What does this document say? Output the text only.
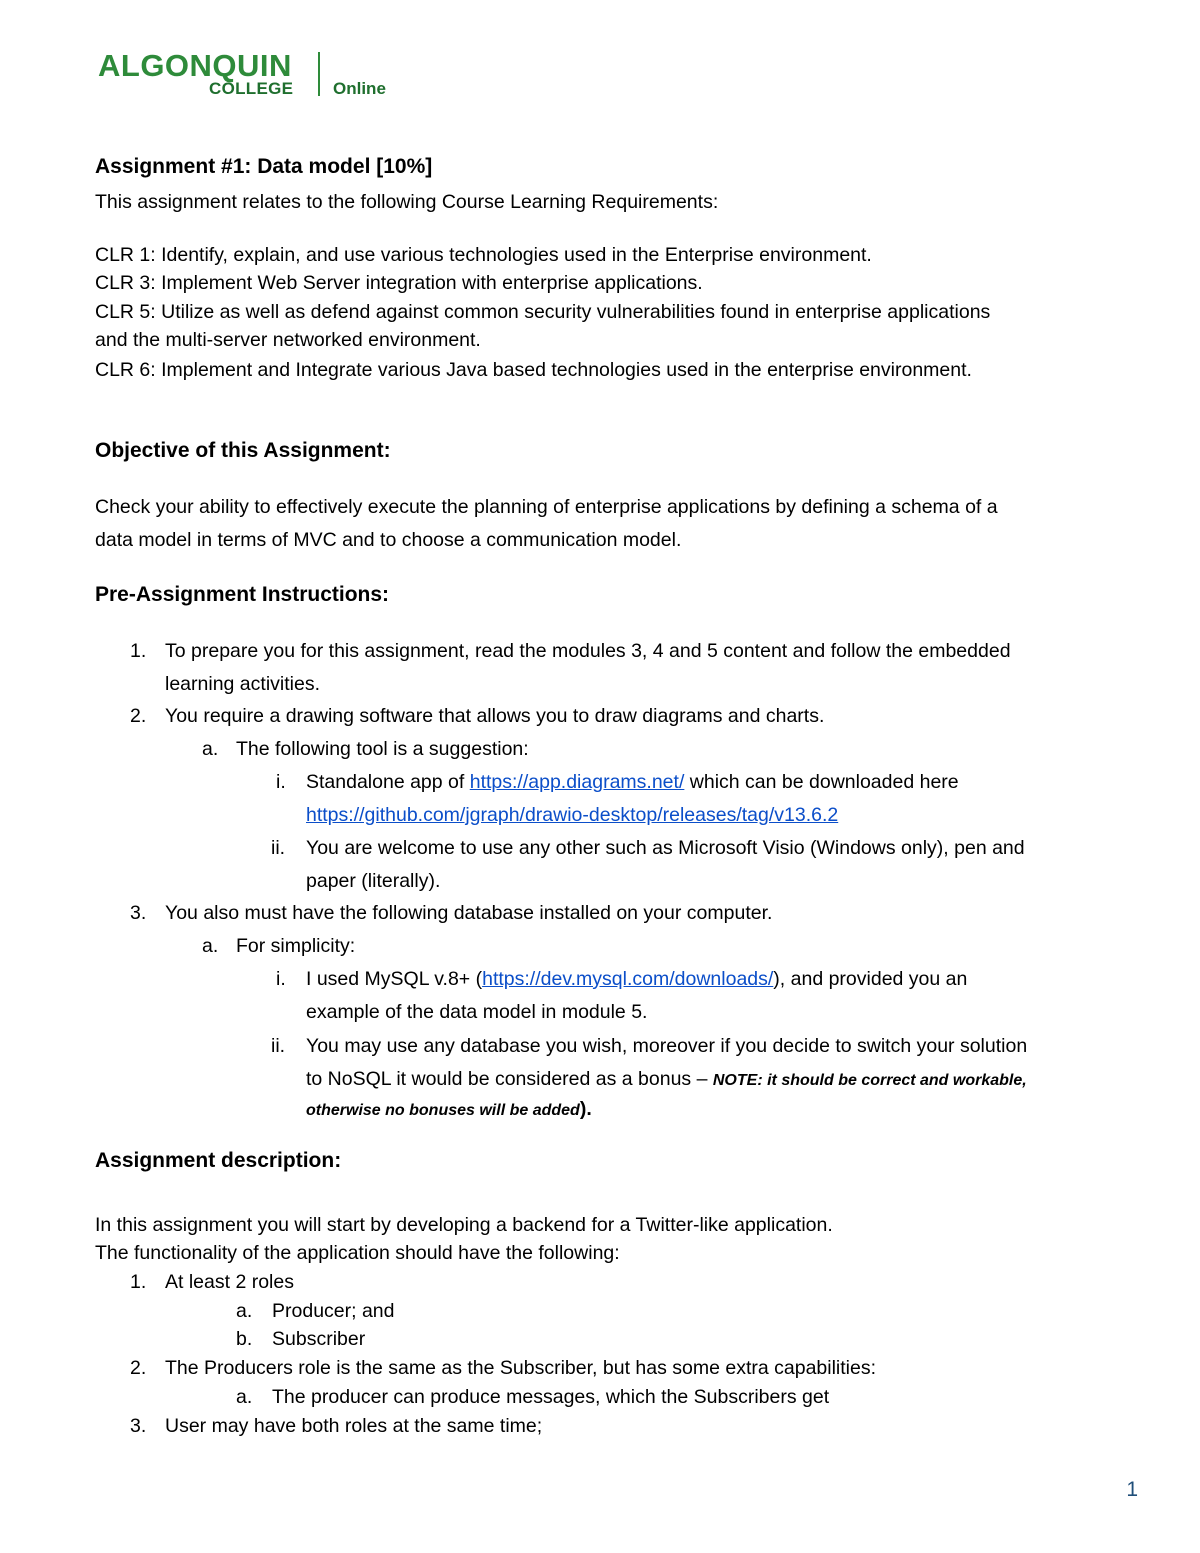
ALGONQUIN
COLLEGE Online
Assignment #1: Data model [10%]
This assignment relates to the following Course Learning Requirements:
CLR 1: Identify, explain, and use various technologies used in the Enterprise environment.
CLR 3: Implement Web Server integration with enterprise applications.
CLR 5: Utilize as well as defend against common security vulnerabilities found in enterprise applications
and the multi-server networked environment.
CLR 6: Implement and Integrate various Java based technologies used in the enterprise environment.
Objective of this Assignment:
Check your ability to effectively execute the planning of enterprise applications by defining a schema of a
data model in terms of MVC and to choose a communication model.
Pre-Assignment Instructions:
1. To prepare you for this assignment, read the modules 3, 4 and 5 content and follow the embedded
learning activities.
2. You require a drawing software that allows you to draw diagrams and charts.
a. The following tool is a suggestion:
i. Standalone app of https://app.diagrams.net/ which can be downloaded here
https://github.com/jgraph/drawio-desktop/releases/tag/v13.6.2
ii. You are welcome to use any other such as Microsoft Visio (Windows only), pen and
paper (literally).
3. You also must have the following database installed on your computer.
a. For simplicity:
i. I used MySQL v.8+ (https://dev.mysql.com/downloads/), and provided you an
example of the data model in module 5.
ii. You may use any database you wish, moreover if you decide to switch your solution
to NoSQL it would be considered as a bonus – NOTE: it should be correct and workable,
otherwise no bonuses will be added).
Assignment description:
In this assignment you will start by developing a backend for a Twitter-like application.
The functionality of the application should have the following:
1. At least 2 roles
a. Producer; and
b. Subscriber
2. The Producers role is the same as the Subscriber, but has some extra capabilities:
a. The producer can produce messages, which the Subscribers get
3. User may have both roles at the same time;
1
